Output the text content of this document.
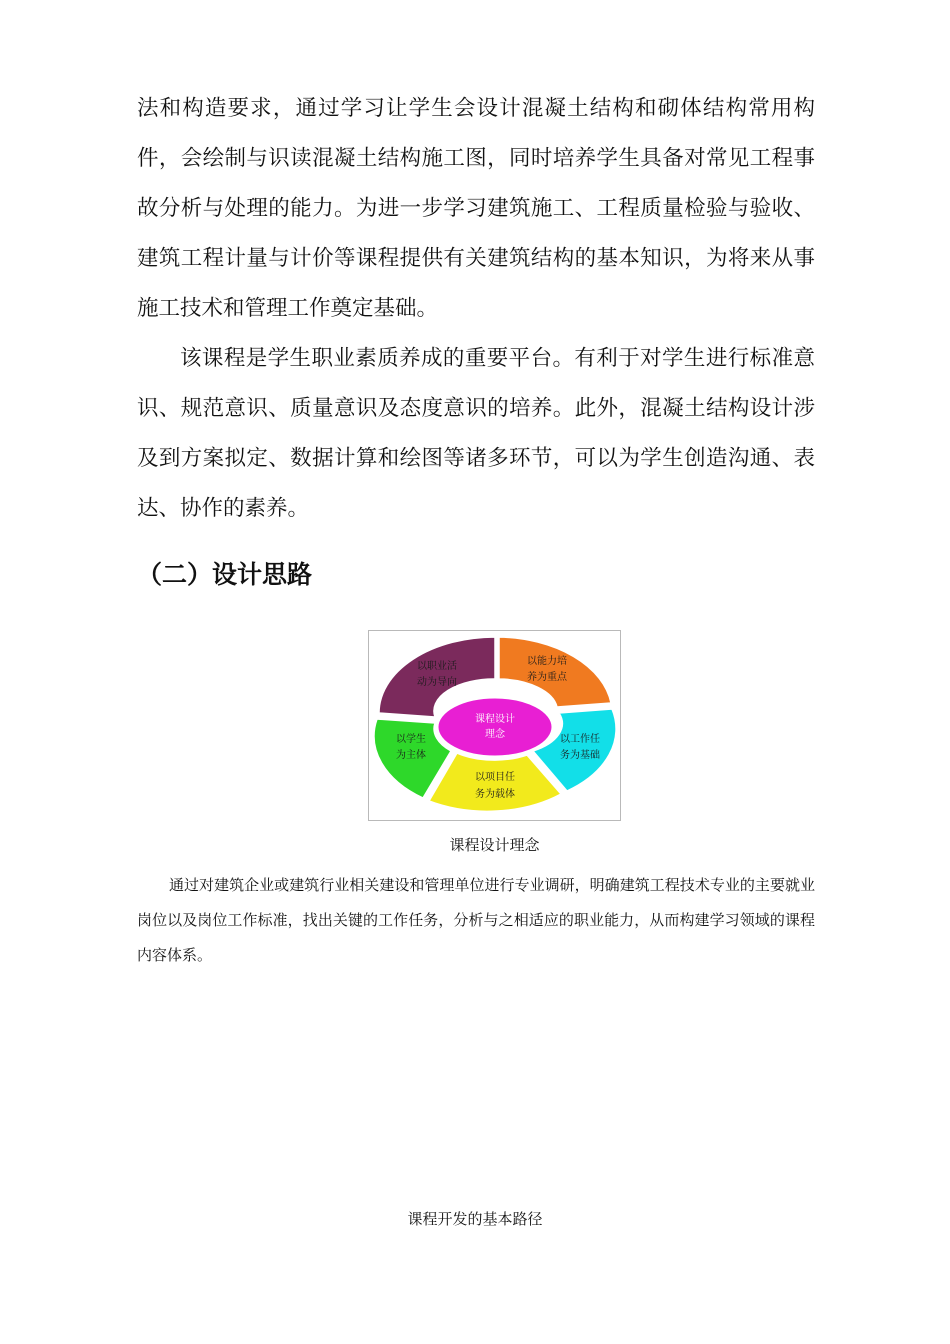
法和构造要求，通过学习让学生会设计混凝土结构和砌体结构常用构件，会绘制与识读混凝土结构施工图，同时培养学生具备对常见工程事故分析与处理的能力。为进一步学习建筑施工、工程质量检验与验收、建筑工程计量与计价等课程提供有关建筑结构的基本知识，为将来从事施工技术和管理工作奠定基础。

该课程是学生职业素质养成的重要平台。有利于对学生进行标准意识、规范意识、质量意识及态度意识的培养。此外，混凝土结构设计涉及到方案拟定、数据计算和绘图等诸多环节，可以为学生创造沟通、表达、协作的素养。

（二）设计思路
以职业活
动为导向
以能力培
养为重点
以工作任
务为基础
以项目任
务为载体
以学生
为主体
课程设计
理念

课程设计理念

通过对建筑企业或建筑行业相关建设和管理单位进行专业调研，明确建筑工程技术专业的主要就业岗位以及岗位工作标准，找出关键的工作任务，分析与之相适应的职业能力，从而构建学习领域的课程内容体系。

课程开发的基本路径
